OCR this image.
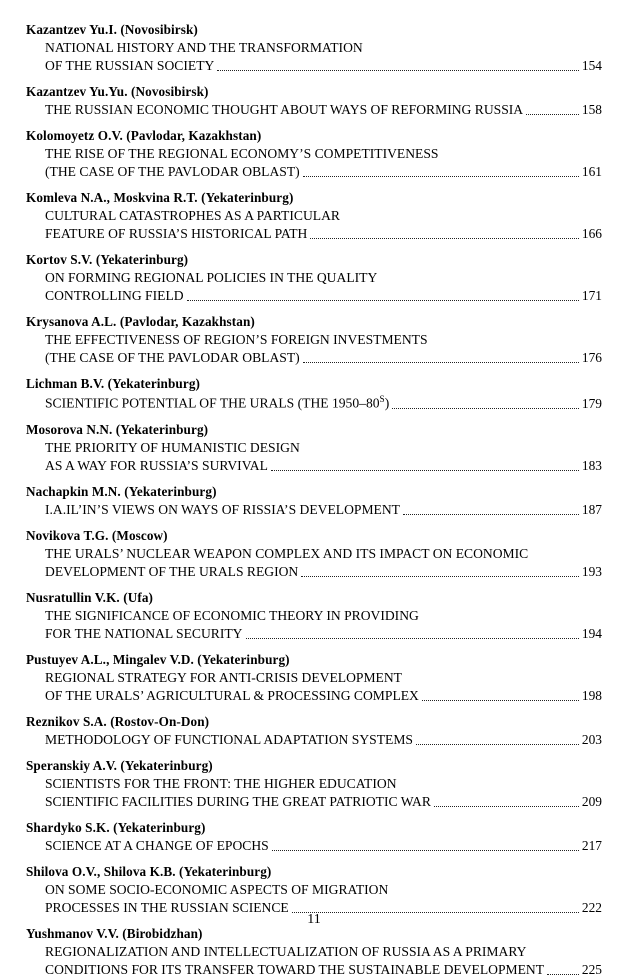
Kazantzev Yu.I. (Novosibirsk)
NATIONAL HISTORY AND THE TRANSFORMATION
OF THE RUSSIAN SOCIETY	154
Kazantzev Yu.Yu. (Novosibirsk)
THE RUSSIAN ECONOMIC THOUGHT ABOUT WAYS OF REFORMING RUSSIA	158
Kolomoyetz O.V. (Pavlodar, Kazakhstan)
THE RISE OF THE REGIONAL ECONOMY’S COMPETITIVENESS
(THE CASE OF THE PAVLODAR OBLAST)	161
Komleva N.A., Moskvina R.T. (Yekaterinburg)
CULTURAL CATASTROPHES AS A PARTICULAR
FEATURE OF RUSSIA’S HISTORICAL PATH	166
Kortov S.V. (Yekaterinburg)
ON FORMING REGIONAL POLICIES IN THE QUALITY
CONTROLLING FIELD	171
Krysanova A.L. (Pavlodar, Kazakhstan)
THE EFFECTIVENESS OF REGION’S FOREIGN INVESTMENTS
(THE CASE OF THE PAVLODAR OBLAST)	176
Lichman B.V. (Yekaterinburg)
SCIENTIFIC POTENTIAL OF THE URALS (THE $1950-80^S$)	179
Mosorova N.N. (Yekaterinburg)
THE PRIORITY OF HUMANISTIC DESIGN
AS A WAY FOR RUSSIA’S SURVIVAL	183
Nachapkin M.N. (Yekaterinburg)
I.A.IL’IN’S VIEWS ON WAYS OF RISSIA’S DEVELOPMENT	187
Novikova T.G. (Moscow)
THE URALS’ NUCLEAR WEAPON COMPLEX AND ITS IMPACT ON ECONOMIC
DEVELOPMENT OF THE URALS REGION	193
Nusratullin V.K. (Ufa)
THE SIGNIFICANCE OF ECONOMIC THEORY IN PROVIDING
FOR THE NATIONAL SECURITY	194
Pustuyev A.L., Mingalev V.D. (Yekaterinburg)
REGIONAL STRATEGY FOR ANTI-CRISIS DEVELOPMENT
OF THE URALS’ AGRICULTURAL & PROCESSING COMPLEX	198
Reznikov S.A. (Rostov-On-Don)
METHODOLOGY OF FUNCTIONAL ADAPTATION SYSTEMS	203
Speranskiy A.V. (Yekaterinburg)
SCIENTISTS FOR THE FRONT: THE HIGHER EDUCATION
SCIENTIFIC FACILITIES DURING THE GREAT PATRIOTIC WAR	209
Shardyko S.K. (Yekaterinburg)
SCIENCE AT A CHANGE OF EPOCHS	217
Shilova O.V., Shilova K.B. (Yekaterinburg)
ON SOME SOCIO-ECONOMIC ASPECTS OF MIGRATION
PROCESSES IN THE RUSSIAN SCIENCE	222
Yushmanov V.V. (Birobidzhan)
REGIONALIZATION AND INTELLECTUALIZATION OF RUSSIA AS A PRIMARY
CONDITIONS FOR ITS TRANSFER TOWARD THE SUSTAINABLE DEVELOPMENT	225
11
